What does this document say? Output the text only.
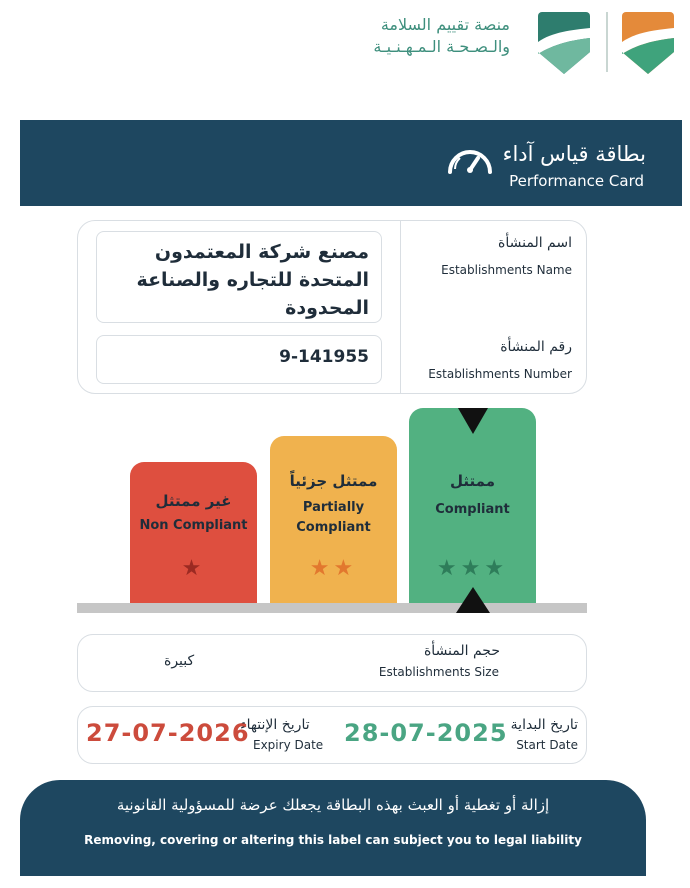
منصة تقييم السلامة
والـصـحـة الـمـهـنـيـة
بطاقة قياس آداء
Performance Card
اسم المنشأة
Establishments Name
رقم المنشأة
Establishments Number
مصنع شركة المعتمدون المتحدة للتجاره والصناعة المحدودة
9-141955
غير ممتثل
Non Compliant
★
ممتثل جزئياً
Partially
Compliant
★★
ممتثل
Compliant
★★★
حجم المنشأة
Establishments Size
كبيرة
تاريخ البداية
Start Date
28-07-2025
تاريخ الإنتهاء
Expiry Date
27-07-2026
إزالة أو تغطية أو العبث بهذه البطاقة يجعلك عرضة للمسؤولية القانونية
Removing, covering or altering this label can subject you to legal liability
